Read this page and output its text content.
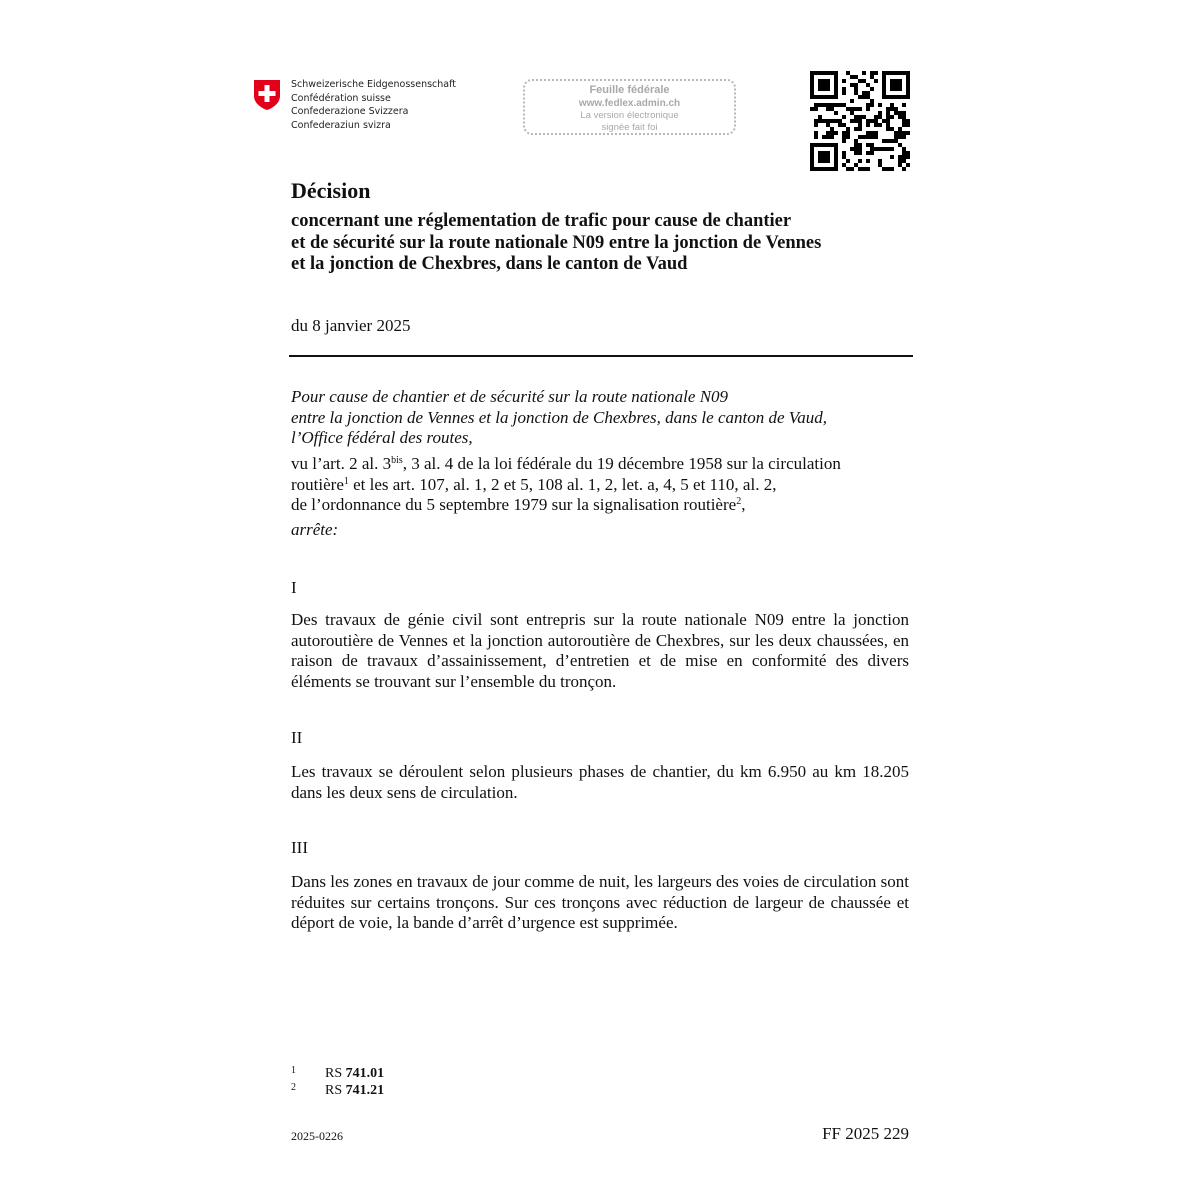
Schweizerische Eidgenossenschaft
Confédération suisse
Confederazione Svizzera
Confederaziun svizra
Feuille fédérale
www.fedlex.admin.ch
La version électronique
signée fait foi
Décision
concernant une réglementation de trafic pour cause de chantier
et de sécurité sur la route nationale N09 entre la jonction de Vennes
et la jonction de Chexbres, dans le canton de Vaud
du 8 janvier 2025
Pour cause de chantier et de sécurité sur la route nationale N09
entre la jonction de Vennes et la jonction de Chexbres, dans le canton de Vaud,
l’Office fédéral des routes,
vu l’art. 2 al. $3^{bis}$, 3 al. 4 de la loi fédérale du 19 décembre 1958 sur la circulation
routière$^1$ et les art. 107, al. 1, 2 et 5, 108 al. 1, 2, let. a, 4, 5 et 110, al. 2,
de l’ordonnance du 5 septembre 1979 sur la signalisation routière$^2$,
arrête:
I
Des travaux de génie civil sont entrepris sur la route nationale N09 entre la jonction autoroutière de Vennes et la jonction autoroutière de Chexbres, sur les deux chaussées, en raison de travaux d’assainissement, d’entretien et de mise en conformité des divers éléments se trouvant sur l’ensemble du tronçon.
II
Les travaux se déroulent selon plusieurs phases de chantier, du km 6.950 au km 18.205 dans les deux sens de circulation.
III
Dans les zones en travaux de jour comme de nuit, les largeurs des voies de circulation sont réduites sur certains tronçons. Sur ces tronçons avec réduction de largeur de chaussée et déport de voie, la bande d’arrêt d’urgence est supprimée.
1 RS 741.01
2 RS 741.21
2025-0226	FF 2025 229
